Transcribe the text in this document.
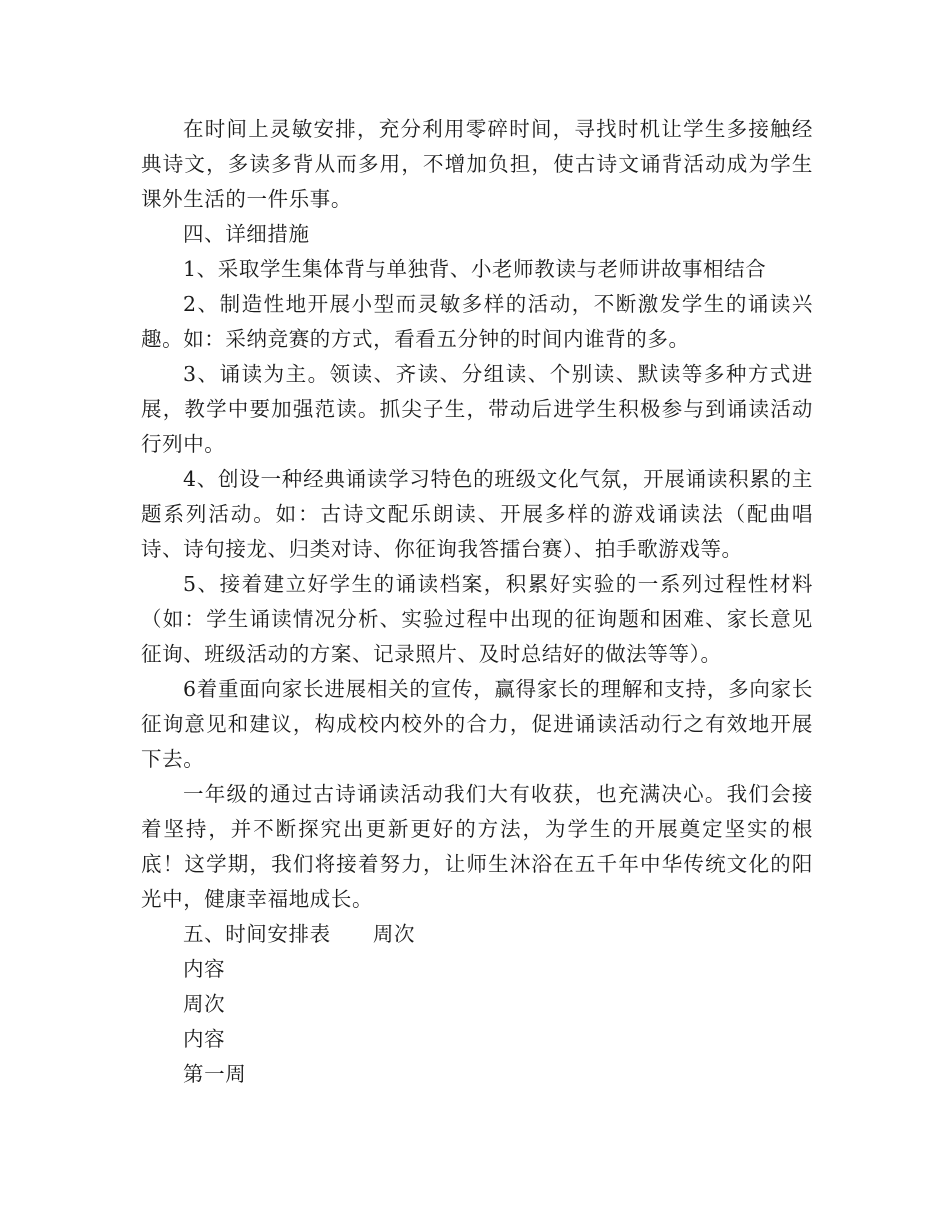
在时间上灵敏安排，充分利用零碎时间，寻找时机让学生多接触经典诗文，多读多背从而多用，不增加负担，使古诗文诵背活动成为学生课外生活的一件乐事。

四、详细措施

1、采取学生集体背与单独背、小老师教读与老师讲故事相结合

2、制造性地开展小型而灵敏多样的活动，不断激发学生的诵读兴趣。如：采纳竞赛的方式，看看五分钟的时间内谁背的多。

3、诵读为主。领读、齐读、分组读、个别读、默读等多种方式进展，教学中要加强范读。抓尖子生，带动后进学生积极参与到诵读活动行列中。

4、创设一种经典诵读学习特色的班级文化气氛，开展诵读积累的主题系列活动。如：古诗文配乐朗读、开展多样的游戏诵读法（配曲唱诗、诗句接龙、归类对诗、你征询我答擂台赛）、拍手歌游戏等。

5、接着建立好学生的诵读档案，积累好实验的一系列过程性材料（如：学生诵读情况分析、实验过程中出现的征询题和困难、家长意见征询、班级活动的方案、记录照片、及时总结好的做法等等）。

6着重面向家长进展相关的宣传，赢得家长的理解和支持，多向家长征询意见和建议，构成校内校外的合力，促进诵读活动行之有效地开展下去。

一年级的通过古诗诵读活动我们大有收获，也充满决心。我们会接着坚持，并不断探究出更新更好的方法，为学生的开展奠定坚实的根底！这学期，我们将接着努力，让师生沐浴在五千年中华传统文化的阳光中，健康幸福地成长。

五、时间安排表　　周次

内容

周次

内容

第一周
